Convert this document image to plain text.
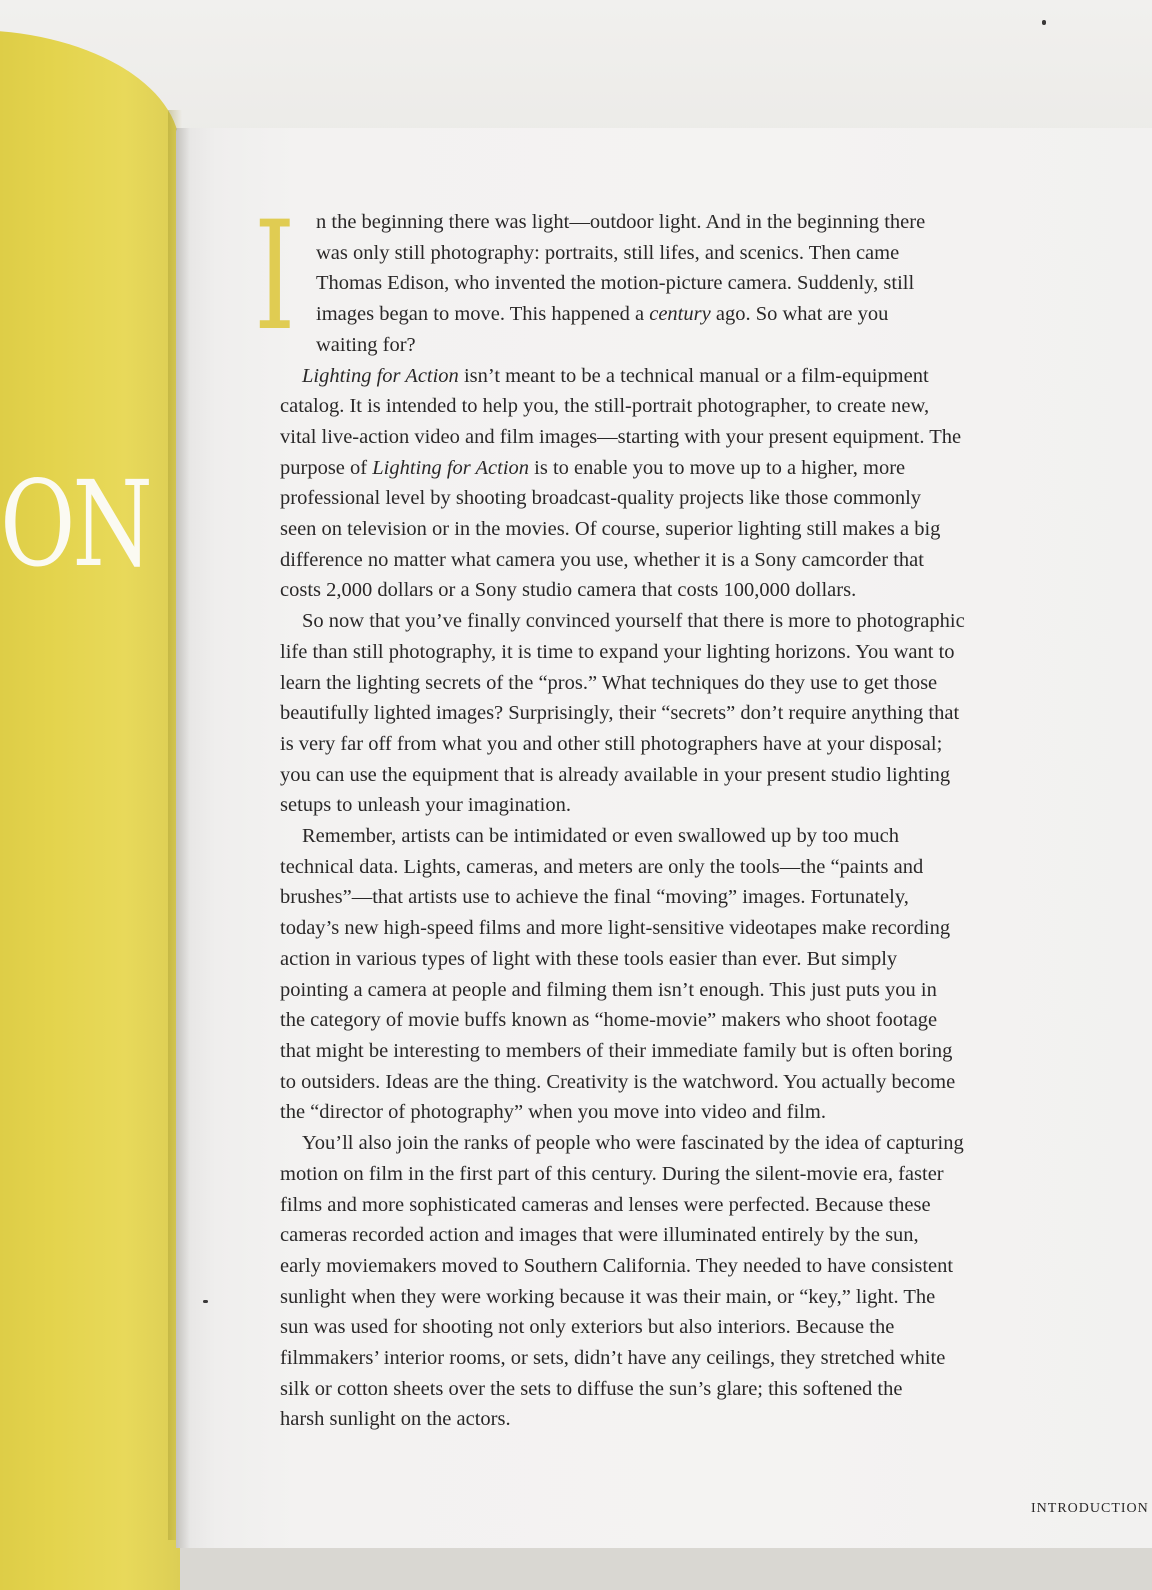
ON
I	n the beginning there was light—outdoor light. And in the beginning there
was only still photography: portraits, still lifes, and scenics. Then came
Thomas Edison, who invented the motion-picture camera. Suddenly, still
images began to move. This happened a century ago. So what are you
waiting for?
Lighting for Action isn’t meant to be a technical manual or a film-equipment
catalog. It is intended to help you, the still-portrait photographer, to create new,
vital live-action video and film images—starting with your present equipment. The
purpose of Lighting for Action is to enable you to move up to a higher, more
professional level by shooting broadcast-quality projects like those commonly
seen on television or in the movies. Of course, superior lighting still makes a big
difference no matter what camera you use, whether it is a Sony camcorder that
costs 2,000 dollars or a Sony studio camera that costs 100,000 dollars.
So now that you’ve finally convinced yourself that there is more to photographic
life than still photography, it is time to expand your lighting horizons. You want to
learn the lighting secrets of the “pros.” What techniques do they use to get those
beautifully lighted images? Surprisingly, their “secrets” don’t require anything that
is very far off from what you and other still photographers have at your disposal;
you can use the equipment that is already available in your present studio lighting
setups to unleash your imagination.
Remember, artists can be intimidated or even swallowed up by too much
technical data. Lights, cameras, and meters are only the tools—the “paints and
brushes”—that artists use to achieve the final “moving” images. Fortunately,
today’s new high-speed films and more light-sensitive videotapes make recording
action in various types of light with these tools easier than ever. But simply
pointing a camera at people and filming them isn’t enough. This just puts you in
the category of movie buffs known as “home-movie” makers who shoot footage
that might be interesting to members of their immediate family but is often boring
to outsiders. Ideas are the thing. Creativity is the watchword. You actually become
the “director of photography” when you move into video and film.
You’ll also join the ranks of people who were fascinated by the idea of capturing
motion on film in the first part of this century. During the silent-movie era, faster
films and more sophisticated cameras and lenses were perfected. Because these
cameras recorded action and images that were illuminated entirely by the sun,
early moviemakers moved to Southern California. They needed to have consistent
sunlight when they were working because it was their main, or “key,” light. The
sun was used for shooting not only exteriors but also interiors. Because the
filmmakers’ interior rooms, or sets, didn’t have any ceilings, they stretched white
silk or cotton sheets over the sets to diffuse the sun’s glare; this softened the
harsh sunlight on the actors.
INTRODUCTION
